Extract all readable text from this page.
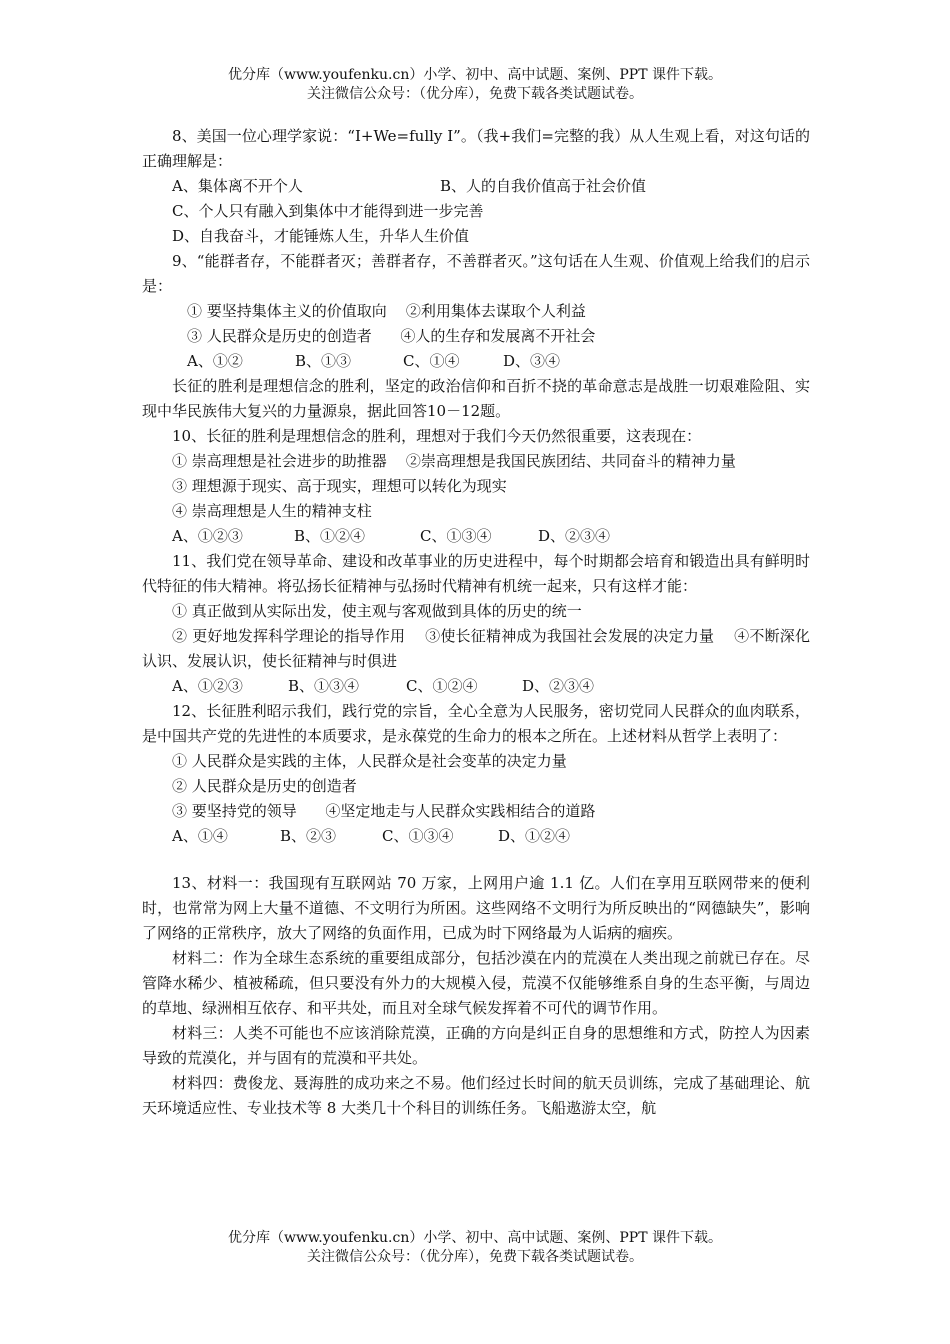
优分库（www.youfenku.cn）小学、初中、高中试题、案例、PPT 课件下载。
关注微信公众号：（优分库），免费下载各类试题试卷。

8、美国一位心理学家说：“I+We=fully I”。（我+我们=完整的我）从人生观上看，对这句话的正确理解是：

A、集体离不开个人	B、人的自我价值高于社会价值

C、个人只有融入到集体中才能得到进一步完善

D、自我奋斗，才能锤炼人生，升华人生价值

9、“能群者存，不能群者灭；善群者存，不善群者灭。”这句话在人生观、价值观上给我们的启示是：

① 要坚持集体主义的价值取向    ②利用集体去谋取个人利益

③ 人民群众是历史的创造者      ④人的生存和发展离不开社会

A、①②	B、①③	C、①④	D、③④

长征的胜利是理想信念的胜利，坚定的政治信仰和百折不挠的革命意志是战胜一切艰难险阻、实现中华民族伟大复兴的力量源泉，据此回答10－12题。

10、长征的胜利是理想信念的胜利，理想对于我们今天仍然很重要，这表现在：

① 崇高理想是社会进步的助推器    ②崇高理想是我国民族团结、共同奋斗的精神力量

③ 理想源于现实、高于现实，理想可以转化为现实

④ 崇高理想是人生的精神支柱

A、①②③	B、①②④	C、①③④	D、②③④

11、我们党在领导革命、建设和改革事业的历史进程中，每个时期都会培育和锻造出具有鲜明时代特征的伟大精神。将弘扬长征精神与弘扬时代精神有机统一起来，只有这样才能：

① 真正做到从实际出发，使主观与客观做到具体的历史的统一

② 更好地发挥科学理论的指导作用    ③使长征精神成为我国社会发展的决定力量    ④不断深化认识、发展认识，使长征精神与时俱进

A、①②③	B、①③④	C、①②④	D、②③④

12、长征胜利昭示我们，践行党的宗旨，全心全意为人民服务，密切党同人民群众的血肉联系，是中国共产党的先进性的本质要求，是永葆党的生命力的根本之所在。上述材料从哲学上表明了：

① 人民群众是实践的主体，人民群众是社会变革的决定力量

② 人民群众是历史的创造者

③ 要坚持党的领导      ④坚定地走与人民群众实践相结合的道路

A、①④	B、②③	C、①③④	D、①②④

13、材料一：我国现有互联网站 70 万家，上网用户逾 1.1 亿。人们在享用互联网带来的便利时，也常常为网上大量不道德、不文明行为所困。这些网络不文明行为所反映出的“网德缺失”，影响了网络的正常秩序，放大了网络的负面作用，已成为时下网络最为人诟病的痼疾。

材料二：作为全球生态系统的重要组成部分，包括沙漠在内的荒漠在人类出现之前就已存在。尽管降水稀少、植被稀疏，但只要没有外力的大规模入侵，荒漠不仅能够维系自身的生态平衡，与周边的草地、绿洲相互依存、和平共处，而且对全球气候发挥着不可代的调节作用。

材料三：人类不可能也不应该消除荒漠，正确的方向是纠正自身的思想维和方式，防控人为因素导致的荒漠化，并与固有的荒漠和平共处。

材料四：费俊龙、聂海胜的成功来之不易。他们经过长时间的航天员训练，完成了基础理论、航天环境适应性、专业技术等 8 大类几十个科目的训练任务。飞船遨游太空，航

优分库（www.youfenku.cn）小学、初中、高中试题、案例、PPT 课件下载。
关注微信公众号：（优分库），免费下载各类试题试卷。
